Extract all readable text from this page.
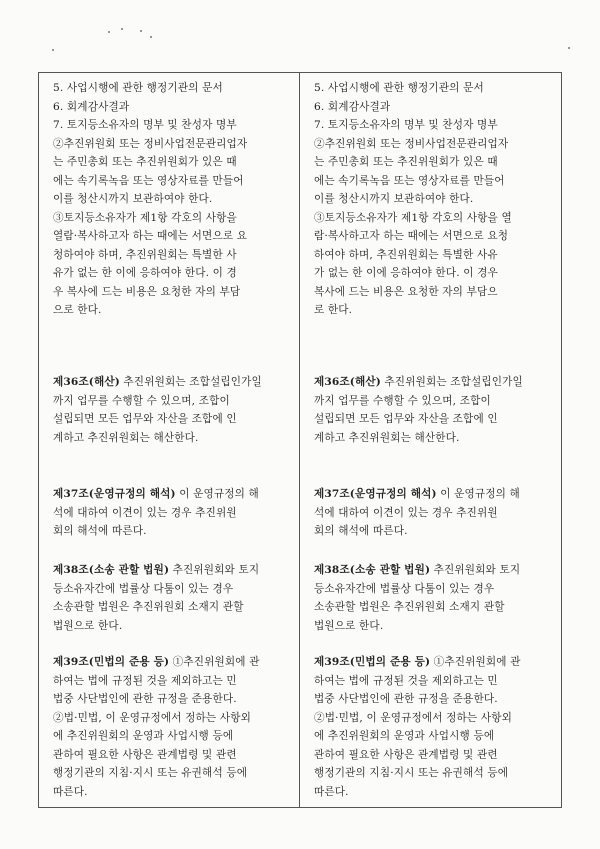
5. 사업시행에 관한 행정기관의 문서

6. 회계감사결과

7. 토지등소유자의 명부 및 찬성자 명부

②추진위원회 또는 정비사업전문관리업자
는 주민총회 또는 추진위원회가 있은 때
에는 속기록녹음 또는 영상자료를 만들어
이를 청산시까지 보관하여야 한다.

③토지등소유자가 제1항 각호의 사항을
열람·복사하고자 하는 때에는 서면으로 요
청하여야 하며, 추진위원회는 특별한 사
유가 없는 한 이에 응하여야 한다. 이 경
우 복사에 드는 비용은 요청한 자의 부담
으로 한다.

제36조(해산) 추진위원회는 조합설립인가일
까지 업무를 수행할 수 있으며, 조합이
설립되면 모든 업무와 자산을 조합에 인
계하고 추진위원회는 해산한다.

제37조(운영규정의 해석) 이 운영규정의 해
석에 대하여 이견이 있는 경우 추진위원
회의 해석에 따른다.

제38조(소송 관할 법원) 추진위원회와 토지
등소유자간에 법률상 다툼이 있는 경우
소송관할 법원은 추진위원회 소재지 관할
법원으로 한다.

제39조(민법의 준용 등) ①추진위원회에 관
하여는 법에 규정된 것을 제외하고는 민
법중 사단법인에 관한 규정을 준용한다.
②법·민법, 이 운영규정에서 정하는 사항외
에 추진위원회의 운영과 사업시행 등에
관하여 필요한 사항은 관계법령 및 관련
행정기관의 지침·지시 또는 유권해석 등에
따른다.

5. 사업시행에 관한 행정기관의 문서

6. 회계감사결과

7. 토지등소유자의 명부 및 찬성자 명부

②추진위원회 또는 정비사업전문관리업자
는 주민총회 또는 추진위원회가 있은 때
에는 속기록녹음 또는 영상자료를 만들어
이를 청산시까지 보관하여야 한다.

③토지등소유자가 제1항 각호의 사항을 열
람·복사하고자 하는 때에는 서면으로 요청
하여야 하며, 추진위원회는 특별한 사유
가 없는 한 이에 응하여야 한다. 이 경우
복사에 드는 비용은 요청한 자의 부담으
로 한다.

제36조(해산) 추진위원회는 조합설립인가일
까지 업무를 수행할 수 있으며, 조합이
설립되면 모든 업무와 자산을 조합에 인
계하고 추진위원회는 해산한다.

제37조(운영규정의 해석) 이 운영규정의 해
석에 대하여 이견이 있는 경우 추진위원
회의 해석에 따른다.

제38조(소송 관할 법원) 추진위원회와 토지
등소유자간에 법률상 다툼이 있는 경우
소송관할 법원은 추진위원회 소재지 관할
법원으로 한다.

제39조(민법의 준용 등) ①추진위원회에 관
하여는 법에 규정된 것을 제외하고는 민
법중 사단법인에 관한 규정을 준용한다.
②법·민법, 이 운영규정에서 정하는 사항외
에 추진위원회의 운영과 사업시행 등에
관하여 필요한 사항은 관계법령 및 관련
행정기관의 지침·지시 또는 유권해석 등에
따른다.
